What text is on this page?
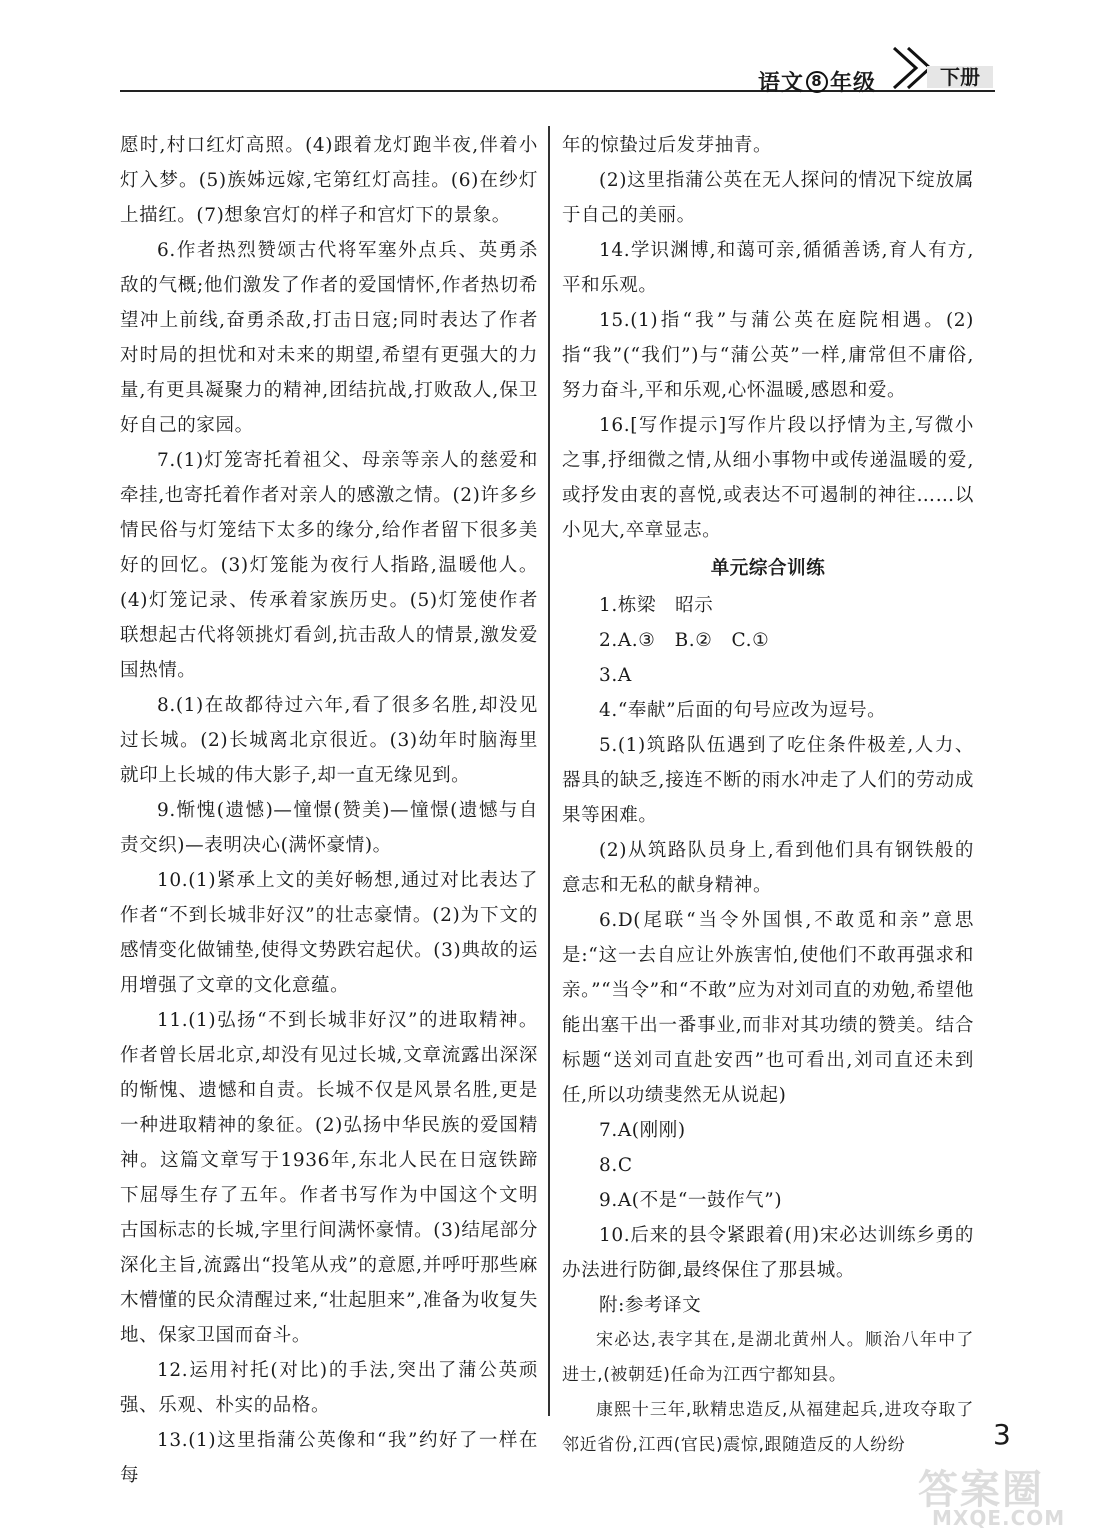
语文 8 年级	下册

愿时,村口红灯高照。(4)跟着龙灯跑半夜,伴着小灯入梦。(5)族姊远嫁,宅第红灯高挂。(6)在纱灯上描红。(7)想象宫灯的样子和宫灯下的景象。

6.作者热烈赞颂古代将军塞外点兵、英勇杀敌的气概;他们激发了作者的爱国情怀,作者热切希望冲上前线,奋勇杀敌,打击日寇;同时表达了作者对时局的担忧和对未来的期望,希望有更强大的力量,有更具凝聚力的精神,团结抗战,打败敌人,保卫好自己的家园。

7.(1)灯笼寄托着祖父、母亲等亲人的慈爱和牵挂,也寄托着作者对亲人的感激之情。(2)许多乡情民俗与灯笼结下太多的缘分,给作者留下很多美好的回忆。(3)灯笼能为夜行人指路,温暖他人。(4)灯笼记录、传承着家族历史。(5)灯笼使作者联想起古代将领挑灯看剑,抗击敌人的情景,激发爱国热情。

8.(1)在故都待过六年,看了很多名胜,却没见过长城。(2)长城离北京很近。(3)幼年时脑海里就印上长城的伟大影子,却一直无缘见到。

9.惭愧(遗憾)—憧憬(赞美)—憧憬(遗憾与自责交织)—表明决心(满怀豪情)。

10.(1)紧承上文的美好畅想,通过对比表达了作者“不到长城非好汉”的壮志豪情。(2)为下文的感情变化做铺垫,使得文势跌宕起伏。(3)典故的运用增强了文章的文化意蕴。

11.(1)弘扬“不到长城非好汉”的进取精神。作者曾长居北京,却没有见过长城,文章流露出深深的惭愧、遗憾和自责。长城不仅是风景名胜,更是一种进取精神的象征。(2)弘扬中华民族的爱国精神。这篇文章写于1936年,东北人民在日寇铁蹄下屈辱生存了五年。作者书写作为中国这个文明古国标志的长城,字里行间满怀豪情。(3)结尾部分深化主旨,流露出“投笔从戎”的意愿,并呼吁那些麻木懵懂的民众清醒过来,“壮起胆来”,准备为收复失地、保家卫国而奋斗。

12.运用衬托(对比)的手法,突出了蒲公英顽强、乐观、朴实的品格。

13.(1)这里指蒲公英像和“我”约好了一样在每

年的惊蛰过后发芽抽青。

(2)这里指蒲公英在无人探问的情况下绽放属于自己的美丽。

14.学识渊博,和蔼可亲,循循善诱,育人有方,平和乐观。

15.(1)指“我”与蒲公英在庭院相遇。(2)指“我”(“我们”)与“蒲公英”一样,庸常但不庸俗,努力奋斗,平和乐观,心怀温暖,感恩和爱。

16.[写作提示]写作片段以抒情为主,写微小之事,抒细微之情,从细小事物中或传递温暖的爱,或抒发由衷的喜悦,或表达不可遏制的神往……以小见大,卒章显志。

单元综合训练

1.栋梁　昭示

2.A.③　B.②　C.①

3.A

4.“奉献”后面的句号应改为逗号。

5.(1)筑路队伍遇到了吃住条件极差,人力、器具的缺乏,接连不断的雨水冲走了人们的劳动成果等困难。

(2)从筑路队员身上,看到他们具有钢铁般的意志和无私的献身精神。

6.D(尾联“当令外国惧,不敢觅和亲”意思是:“这一去自应让外族害怕,使他们不敢再强求和亲。”“当令”和“不敢”应为对刘司直的劝勉,希望他能出塞干出一番事业,而非对其功绩的赞美。结合标题“送刘司直赴安西”也可看出,刘司直还未到任,所以功绩斐然无从说起)

7.A(刚刚)

8.C

9.A(不是“一鼓作气”)

10.后来的县令紧跟着(用)宋必达训练乡勇的办法进行防御,最终保住了那县城。

附:参考译文

宋必达,表字其在,是湖北黄州人。顺治八年中了进士,(被朝廷)任命为江西宁都知县。

康熙十三年,耿精忠造反,从福建起兵,进攻夺取了邻近省份,江西(官民)震惊,跟随造反的人纷纷	3
答案圈
MXQE.COM
